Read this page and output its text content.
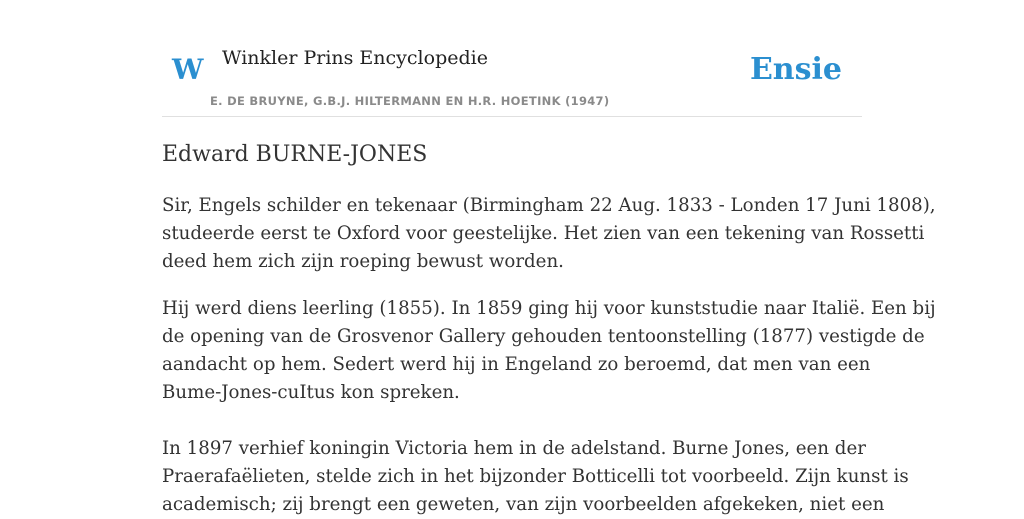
W Winkler Prins Encyclopedie
E. DE BRUYNE, G.B.J. HILTERMANN EN H.R. HOETINK (1947)
Ensie
Edward BURNE-JONES

Sir, Engels schilder en tekenaar (Birmingham 22 Aug. 1833 - Londen 17 Juni 1808),
studeerde eerst te Oxford voor geestelijke. Het zien van een tekening van Rossetti
deed hem zich zijn roeping bewust worden.

Hij werd diens leerling (1855). In 1859 ging hij voor kunststudie naar Italië. Een bij
de opening van de Grosvenor Gallery gehouden tentoonstelling (1877) vestigde de
aandacht op hem. Sedert werd hij in Engeland zo beroemd, dat men van een
Bume-Jones-cuItus kon spreken.

In 1897 verhief koningin Victoria hem in de adelstand. Burne Jones, een der
Praerafaëlieten, stelde zich in het bijzonder Botticelli tot voorbeeld. Zijn kunst is
academisch; zij brengt een geweten, van zijn voorbeelden afgekeken, niet een
